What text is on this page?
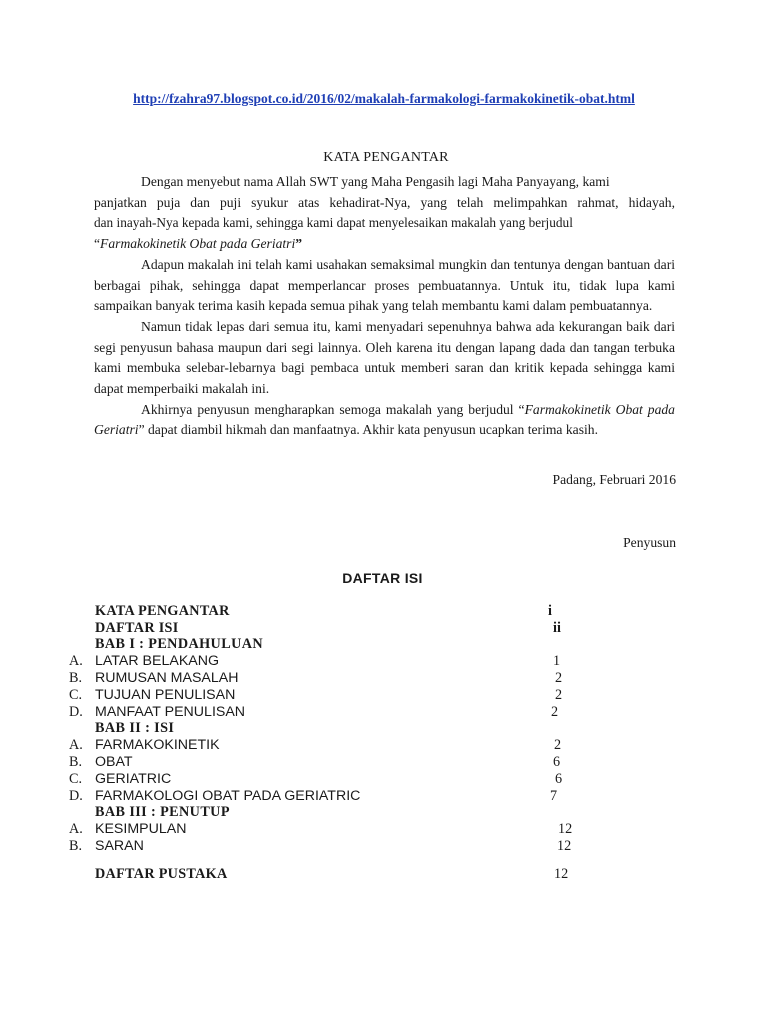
http://fzahra97.blogspot.co.id/2016/02/makalah-farmakologi-farmakokinetik-obat.html
KATA PENGANTAR

Dengan menyebut nama Allah SWT yang Maha Pengasih lagi Maha Panyayang, kami

panjatkan puja dan puji syukur atas kehadirat-Nya, yang telah melimpahkan rahmat, hidayah,

dan inayah-Nya kepada kami, sehingga kami dapat menyelesaikan makalah yang berjudul

“Farmakokinetik Obat pada Geriatri”

Adapun makalah ini telah kami usahakan semaksimal mungkin dan tentunya dengan bantuan dari berbagai pihak, sehingga dapat memperlancar proses pembuatannya. Untuk itu, tidak lupa kami sampaikan banyak terima kasih kepada semua pihak yang telah membantu kami dalam pembuatannya.

Namun tidak lepas dari semua itu, kami menyadari sepenuhnya bahwa ada kekurangan baik dari segi penyusun bahasa maupun dari segi lainnya. Oleh karena itu dengan lapang dada dan tangan terbuka kami membuka selebar-lebarnya bagi pembaca untuk memberi saran dan kritik kepada sehingga kami dapat memperbaiki makalah ini.

Akhirnya penyusun mengharapkan semoga makalah yang berjudul “Farmakokinetik Obat pada Geriatri” dapat diambil hikmah dan manfaatnya. Akhir kata penyusun ucapkan terima kasih.

Padang, Februari 2016
Penyusun
DAFTAR ISI
KATA PENGANTAR	i
DAFTAR ISI	ii
BAB I : PENDAHULUAN
A. LATAR BELAKANG	1
B. RUMUSAN MASALAH	2
C. TUJUAN PENULISAN	2
D. MANFAAT PENULISAN	2
BAB II : ISI
A. FARMAKOKINETIK	2
B. OBAT	6
C. GERIATRIC	6
D. FARMAKOLOGI OBAT PADA GERIATRIC	7
BAB III : PENUTUP
A. KESIMPULAN	12
B. SARAN	12
DAFTAR PUSTAKA	12
